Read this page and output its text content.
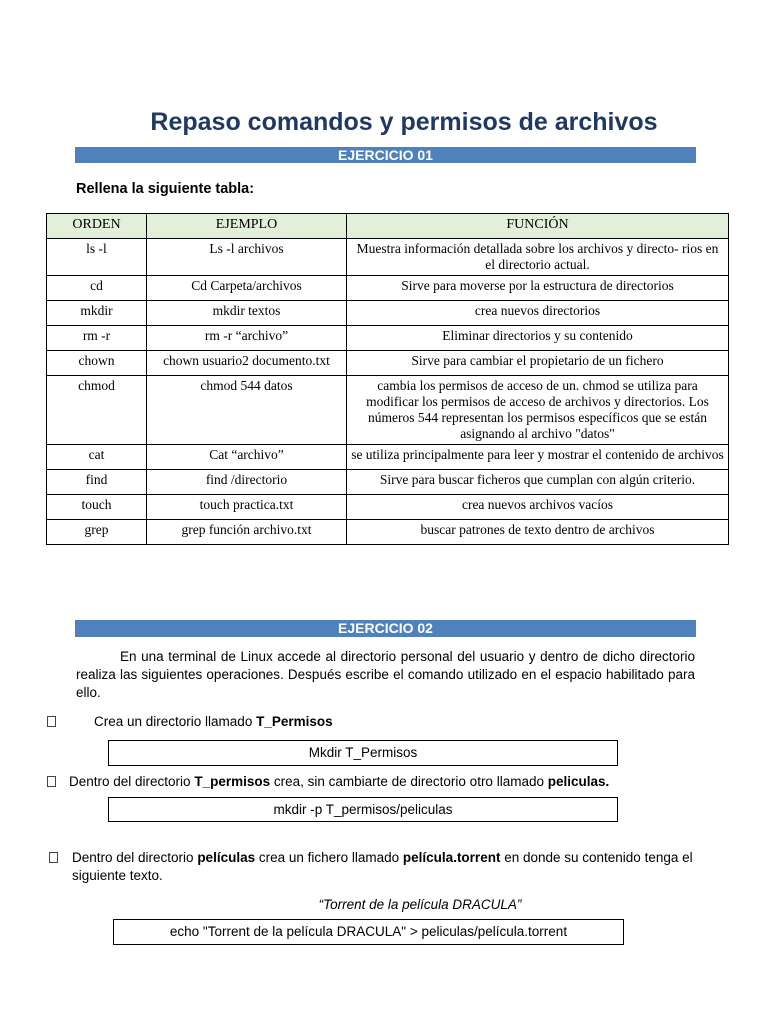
Repaso comandos y permisos de archivos
EJERCICIO 01
Rellena la siguiente tabla:
ORDEN	EJEMPLO	FUNCIÓN
ls -l	Ls -l archivos	Muestra información detallada sobre los archivos y directo- rios en el directorio actual.
cd	Cd Carpeta/archivos	Sirve para moverse por la estructura de directorios
mkdir	mkdir textos	crea nuevos directorios
rm -r	rm -r “archivo”	Eliminar directorios y su contenido
chown	chown usuario2 documento.txt	Sirve para cambiar el propietario de un fichero
chmod	chmod 544 datos	cambia los permisos de acceso de un. chmod se utiliza para modificar los permisos de acceso de archivos y directorios. Los números 544 representan los permisos específicos que se están asignando al archivo "datos"
cat	Cat “archivo”	se utiliza principalmente para leer y mostrar el contenido de archivos
find	find /directorio	Sirve para buscar ficheros que cumplan con algún criterio.
touch	touch practica.txt	crea nuevos archivos vacíos
grep	grep función archivo.txt	buscar patrones de texto dentro de archivos
EJERCICIO 02
En una terminal de Linux accede al directorio personal del usuario y dentro de dicho directorio realiza las siguientes operaciones. Después escribe el comando utilizado en el espacio habilitado para ello.
Crea un directorio llamado T_Permisos
Mkdir T_Permisos
Dentro del directorio T_permisos crea, sin cambiarte de directorio otro llamado peliculas.
mkdir -p T_permisos/peliculas
Dentro del directorio películas crea un fichero llamado película.torrent en donde su contenido tenga el siguiente texto.
“Torrent de la película DRACULA”
echo "Torrent de la película DRACULA" > peliculas/película.torrent
